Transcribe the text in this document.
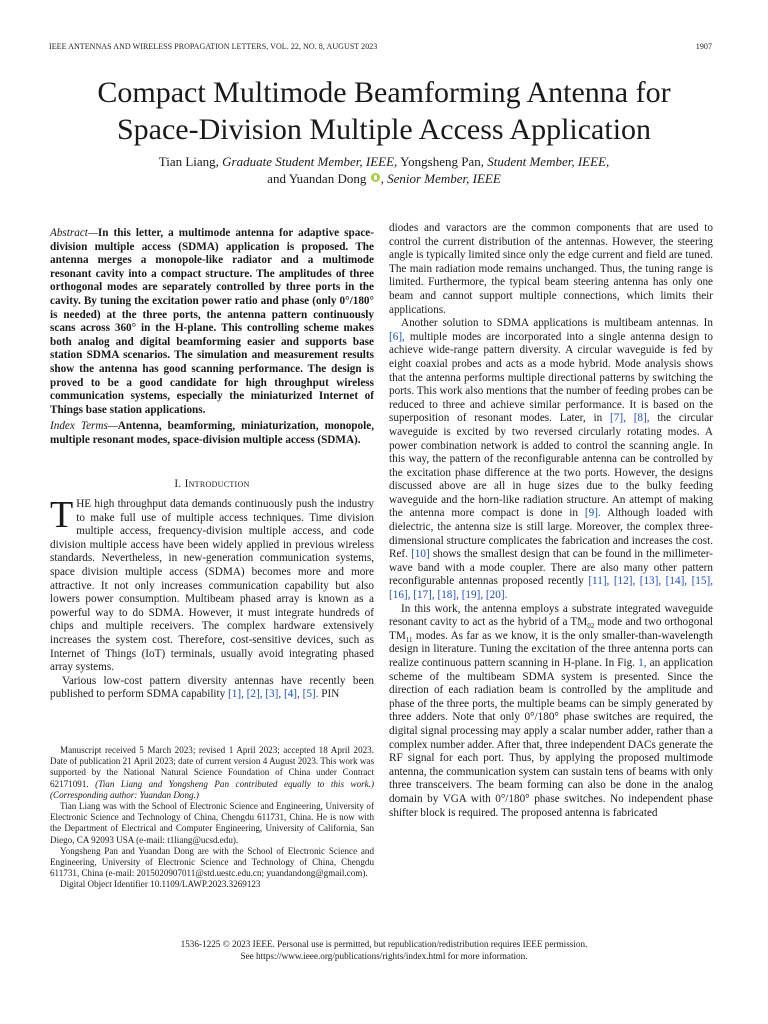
IEEE ANTENNAS AND WIRELESS PROPAGATION LETTERS, VOL. 22, NO. 8, AUGUST 2023	1907
Compact Multimode Beamforming Antenna for
Space-Division Multiple Access Application
Tian Liang, Graduate Student Member, IEEE, Yongsheng Pan, Student Member, IEEE,
and Yuandan Dong , Senior Member, IEEE
Abstract—In this letter, a multimode antenna for adaptive space-division multiple access (SDMA) application is proposed. The antenna merges a monopole-like radiator and a multimode resonant cavity into a compact structure. The amplitudes of three orthogonal modes are separately controlled by three ports in the cavity. By tuning the excitation power ratio and phase (only 0°/180° is needed) at the three ports, the antenna pattern continuously scans across 360° in the H-plane. This controlling scheme makes both analog and digital beamforming easier and supports base station SDMA scenarios. The simulation and measurement results show the antenna has good scanning performance. The design is proved to be a good candidate for high throughput wireless communication systems, especially the miniaturized Internet of Things base station applications.
Index Terms—Antenna, beamforming, miniaturization, monopole, multiple resonant modes, space-division multiple access (SDMA).
I. Introduction

THE high throughput data demands continuously push the industry to make full use of multiple access techniques. Time division multiple access, frequency-division multiple access, and code division multiple access have been widely applied in previous wireless standards. Nevertheless, in new-generation communication systems, space division multiple access (SDMA) becomes more and more attractive. It not only increases communication capability but also lowers power consumption. Multibeam phased array is known as a powerful way to do SDMA. However, it must integrate hundreds of chips and multiple receivers. The complex hardware extensively increases the system cost. Therefore, cost-sensitive devices, such as Internet of Things (IoT) terminals, usually avoid integrating phased array systems.

Various low-cost pattern diversity antennas have recently been published to perform SDMA capability [1], [2], [3], [4], [5]. PIN

Manuscript received 5 March 2023; revised 1 April 2023; accepted 18 April 2023. Date of publication 21 April 2023; date of current version 4 August 2023. This work was supported by the National Natural Science Foundation of China under Contract 62171091. (Tian Liang and Yongsheng Pan contributed equally to this work.) (Corresponding author: Yuandan Dong.)

Tian Liang was with the School of Electronic Science and Engineering, University of Electronic Science and Technology of China, Chengdu 611731, China. He is now with the Department of Electrical and Computer Engineering, University of California, San Diego, CA 92093 USA (e-mail: t1liang@ucsd.edu).

Yongsheng Pan and Yuandan Dong are with the School of Electronic Science and Engineering, University of Electronic Science and Technology of China, Chengdu 611731, China (e-mail: 2015020907011@std.uestc.edu.cn; yuandandong@gmail.com).

Digital Object Identifier 10.1109/LAWP.2023.3269123

diodes and varactors are the common components that are used to control the current distribution of the antennas. However, the steering angle is typically limited since only the edge current and field are tuned. The main radiation mode remains unchanged. Thus, the tuning range is limited. Furthermore, the typical beam steering antenna has only one beam and cannot support multiple connections, which limits their applications.

Another solution to SDMA applications is multibeam antennas. In [6], multiple modes are incorporated into a single antenna design to achieve wide-range pattern diversity. A circular waveguide is fed by eight coaxial probes and acts as a mode hybrid. Mode analysis shows that the antenna performs multiple directional patterns by switching the ports. This work also mentions that the number of feeding probes can be reduced to three and achieve similar performance. It is based on the superposition of resonant modes. Later, in [7], [8], the circular waveguide is excited by two reversed circularly rotating modes. A power combination network is added to control the scanning angle. In this way, the pattern of the reconfigurable antenna can be controlled by the excitation phase difference at the two ports. However, the designs discussed above are all in huge sizes due to the bulky feeding waveguide and the horn-like radiation structure. An attempt of making the antenna more compact is done in [9]. Although loaded with dielectric, the antenna size is still large. Moreover, the complex three-dimensional structure complicates the fabrication and increases the cost. Ref. [10] shows the smallest design that can be found in the millimeter-wave band with a mode coupler. There are also many other pattern reconfigurable antennas proposed recently [11], [12], [13], [14], [15], [16], [17], [18], [19], [20].

In this work, the antenna employs a substrate integrated waveguide resonant cavity to act as the hybrid of a $TM_{02}$ mode and two orthogonal $TM_{11}$ modes. As far as we know, it is the only smaller-than-wavelength design in literature. Tuning the excitation of the three antenna ports can realize continuous pattern scanning in H-plane. In Fig. 1, an application scheme of the multibeam SDMA system is presented. Since the direction of each radiation beam is controlled by the amplitude and phase of the three ports, the multiple beams can be simply generated by three adders. Note that only 0°/180° phase switches are required, the digital signal processing may apply a scalar number adder, rather than a complex number adder. After that, three independent DACs generate the RF signal for each port. Thus, by applying the proposed multimode antenna, the communication system can sustain tens of beams with only three transceivers. The beam forming can also be done in the analog domain by VGA with 0°/180° phase switches. No independent phase shifter block is required. The proposed antenna is fabricated

1536-1225 © 2023 IEEE. Personal use is permitted, but republication/redistribution requires IEEE permission.
See https://www.ieee.org/publications/rights/index.html for more information.
